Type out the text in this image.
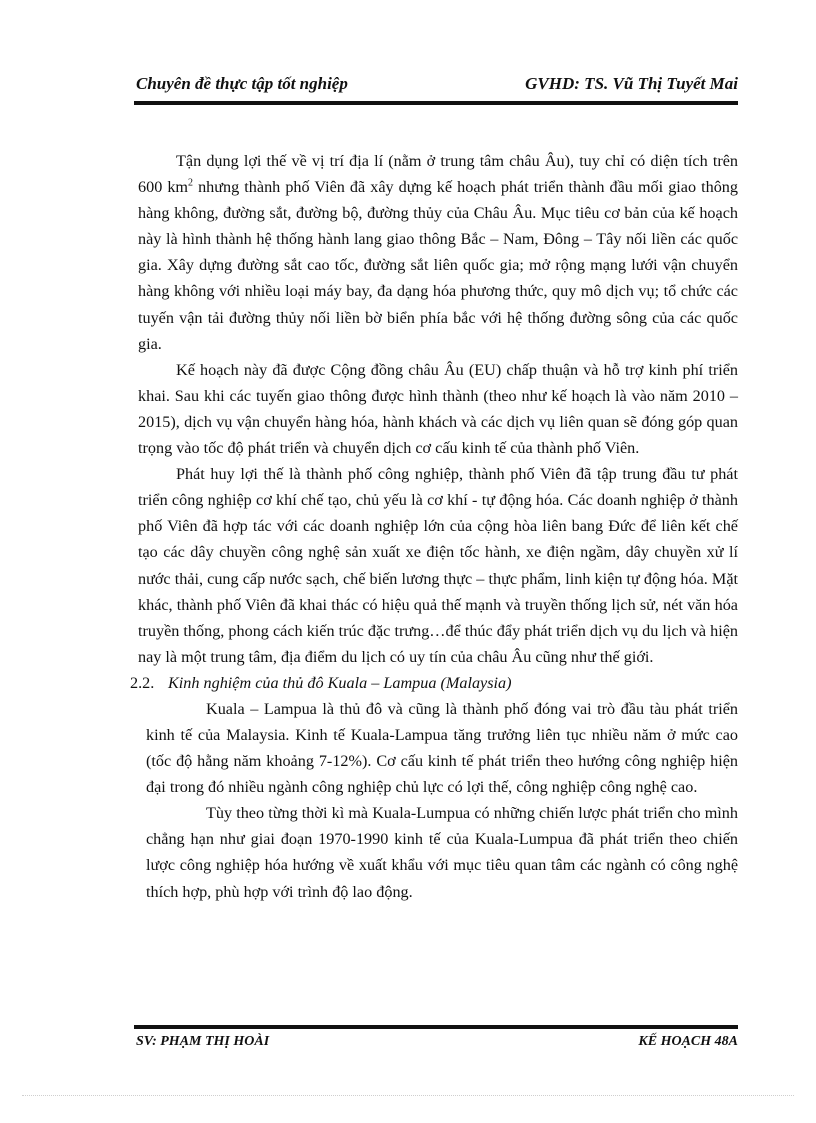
Chuyên đề thực tập tốt nghiệp	GVHD: TS. Vũ Thị Tuyết Mai

Tận dụng lợi thế về vị trí địa lí (nằm ở trung tâm châu Âu), tuy chỉ có diện tích trên 600 $km^2$ nhưng thành phố Viên đã xây dựng kế hoạch phát triển thành đầu mối giao thông hàng không, đường sắt, đường bộ, đường thủy của Châu Âu. Mục tiêu cơ bản của kế hoạch này là hình thành hệ thống hành lang giao thông Bắc – Nam, Đông – Tây nối liền các quốc gia. Xây dựng đường sắt cao tốc, đường sắt liên quốc gia; mở rộng mạng lưới vận chuyển hàng không với nhiều loại máy bay, đa dạng hóa phương thức, quy mô dịch vụ; tổ chức các tuyến vận tải đường thủy nối liền bờ biển phía bắc với hệ thống đường sông của các quốc gia.

Kế hoạch này đã được Cộng đồng châu Âu (EU) chấp thuận và hỗ trợ kinh phí triển khai. Sau khi các tuyến giao thông được hình thành (theo như kế hoạch là vào năm 2010 – 2015), dịch vụ vận chuyển hàng hóa, hành khách và các dịch vụ liên quan sẽ đóng góp quan trọng vào tốc độ phát triển và chuyển dịch cơ cấu kinh tế của thành phố Viên.

Phát huy lợi thế là thành phố công nghiệp, thành phố Viên đã tập trung đầu tư phát triển công nghiệp cơ khí chế tạo, chủ yếu là cơ khí - tự động hóa. Các doanh nghiệp ở thành phố Viên đã hợp tác với các doanh nghiệp lớn của cộng hòa liên bang Đức để liên kết chế tạo các dây chuyền công nghệ sản xuất xe điện tốc hành, xe điện ngầm, dây chuyền xử lí nước thải, cung cấp nước sạch, chế biến lương thực – thực phẩm, linh kiện tự động hóa. Mặt khác, thành phố Viên đã khai thác có hiệu quả thế mạnh và truyền thống lịch sử, nét văn hóa truyền thống, phong cách kiến trúc đặc trưng…để thúc đẩy phát triển dịch vụ du lịch và hiện nay là một trung tâm, địa điểm du lịch có uy tín của châu Âu cũng như thế giới.

2.2. Kinh nghiệm của thủ đô Kuala – Lampua (Malaysia)

Kuala – Lampua là thủ đô và cũng là thành phố đóng vai trò đầu tàu phát triển kinh tế của Malaysia. Kinh tế Kuala-Lampua tăng trưởng liên tục nhiều năm ở mức cao (tốc độ hằng năm khoảng 7-12%). Cơ cấu kinh tế phát triển theo hướng công nghiệp hiện đại trong đó nhiều ngành công nghiệp chủ lực có lợi thế, công nghiệp công nghệ cao.

Tùy theo từng thời kì mà Kuala-Lumpua có những chiến lược phát triển cho mình chẳng hạn như giai đoạn 1970-1990 kinh tế của Kuala-Lumpua đã phát triển theo chiến lược công nghiệp hóa hướng về xuất khẩu với mục tiêu quan tâm các ngành có công nghệ thích hợp, phù hợp với trình độ lao động.

SV: PHẠM THỊ HOÀI	KẾ HOẠCH 48A
